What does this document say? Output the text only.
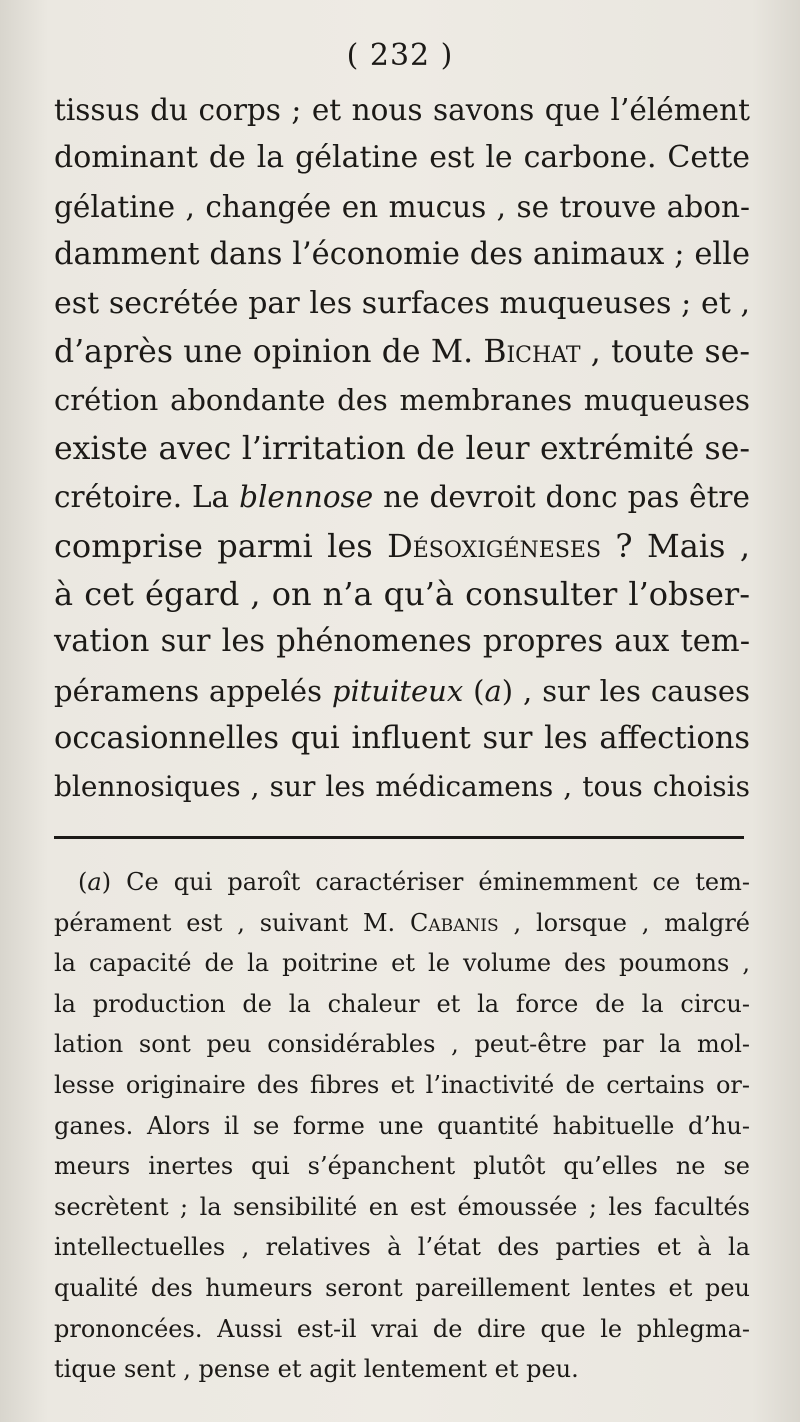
( 232 )

tissus du corps ; et nous savons que l’élément
dominant de la gélatine est le carbone. Cette
gélatine , changée en mucus , se trouve abon-
damment dans l’économie des animaux ; elle
est secrétée par les surfaces muqueuses ; et ,
d’après une opinion de M. Bichat , toute se-
crétion abondante des membranes muqueuses
existe avec l’irritation de leur extrémité se-
crétoire. La blennose ne devroit donc pas être
comprise parmi les Désoxigéneses ? Mais ,
à cet égard , on n’a qu’à consulter l’obser-
vation sur les phénomenes propres aux tem-
péramens appelés pituiteux (a) , sur les causes
occasionnelles qui influent sur les affections
blennosiques , sur les médicamens , tous choisis
(a) Ce qui paroît caractériser éminemment ce tem-
pérament est , suivant M. Cabanis , lorsque , malgré
la capacité de la poitrine et le volume des poumons ,
la production de la chaleur et la force de la circu-
lation sont peu considérables , peut-être par la mol-
lesse originaire des fibres et l’inactivité de certains or-
ganes. Alors il se forme une quantité habituelle d’hu-
meurs inertes qui s’épanchent plutôt qu’elles ne se
secrètent ; la sensibilité en est émoussée ; les facultés
intellectuelles , relatives à l’état des parties et à la
qualité des humeurs seront pareillement lentes et peu
prononcées. Aussi est-il vrai de dire que le phlegma-
tique sent , pense et agit lentement et peu.
